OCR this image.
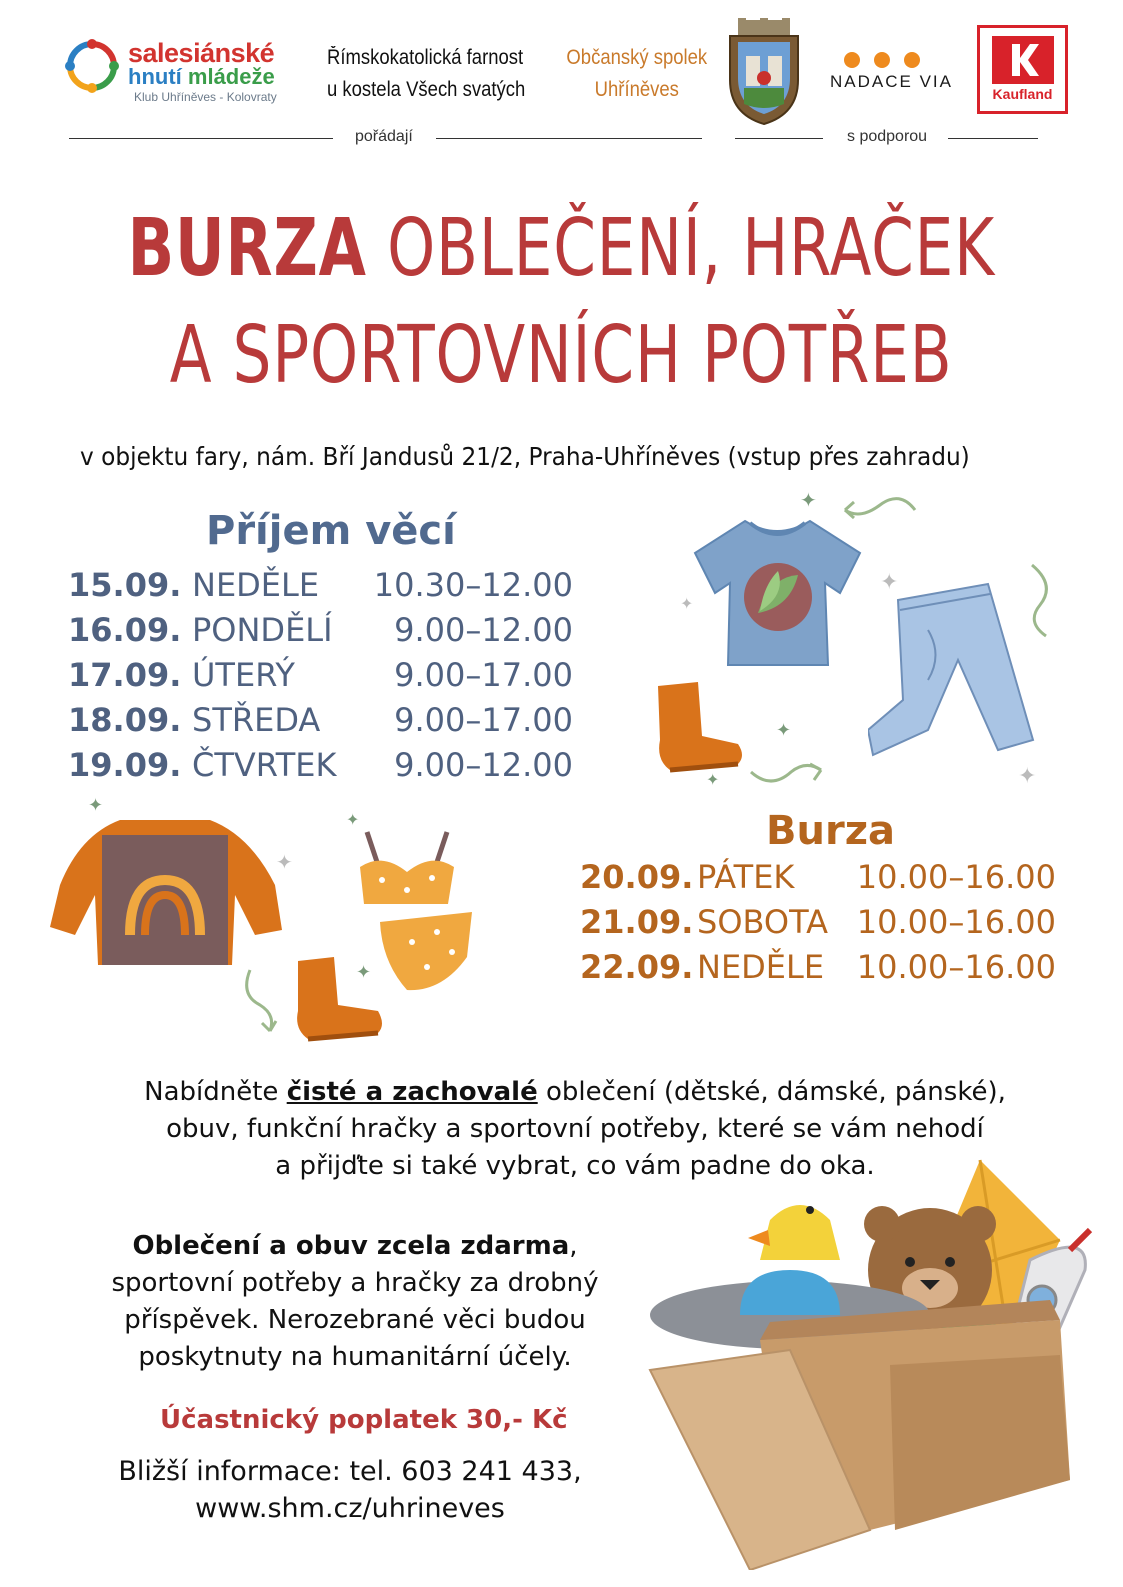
salesiánské
hnutí mládeže
Klub Uhříněves - Kolovraty
Římskokatolická farnost
u kostela Všech svatých
Občanský spolek
Uhříněves	NADACE VIA
Kaufland
pořádají	s podporou
BURZA OBLEČENÍ, HRAČEK
A SPORTOVNÍCH POTŘEB
v objektu fary, nám. Bří Jandusů 21/2, Praha-Uhříněves (vstup přes zahradu)
Příjem věcí
15.09. NEDĚLE 10.30–12.00
16.09. PONDĚLÍ 9.00–12.00
17.09. ÚTERÝ	9.00–17.00
18.09. STŘEDA 9.00–17.00
19.09. ČTVRTEK 9.00–12.00
Burza
20.09. PÁTEK 10.00–16.00
21.09. SOBOTA 10.00–16.00
22.09. NEDĚLE 10.00–16.00
✦
✦
✦
✦
✦
✦
✦
✦
✦
✦
Nabídněte čisté a zachovalé oblečení (dětské, dámské, pánské),
obuv, funkční hračky a sportovní potřeby, které se vám nehodí
a přijďte si také vybrat, co vám padne do oka.
Oblečení a obuv zcela zdarma,
sportovní potřeby a hračky za drobný
příspěvek. Nerozebrané věci budou
poskytnuty na humanitární účely.
Účastnický poplatek 30,- Kč
Bližší informace: tel. 603 241 433,
www.shm.cz/uhrineves
